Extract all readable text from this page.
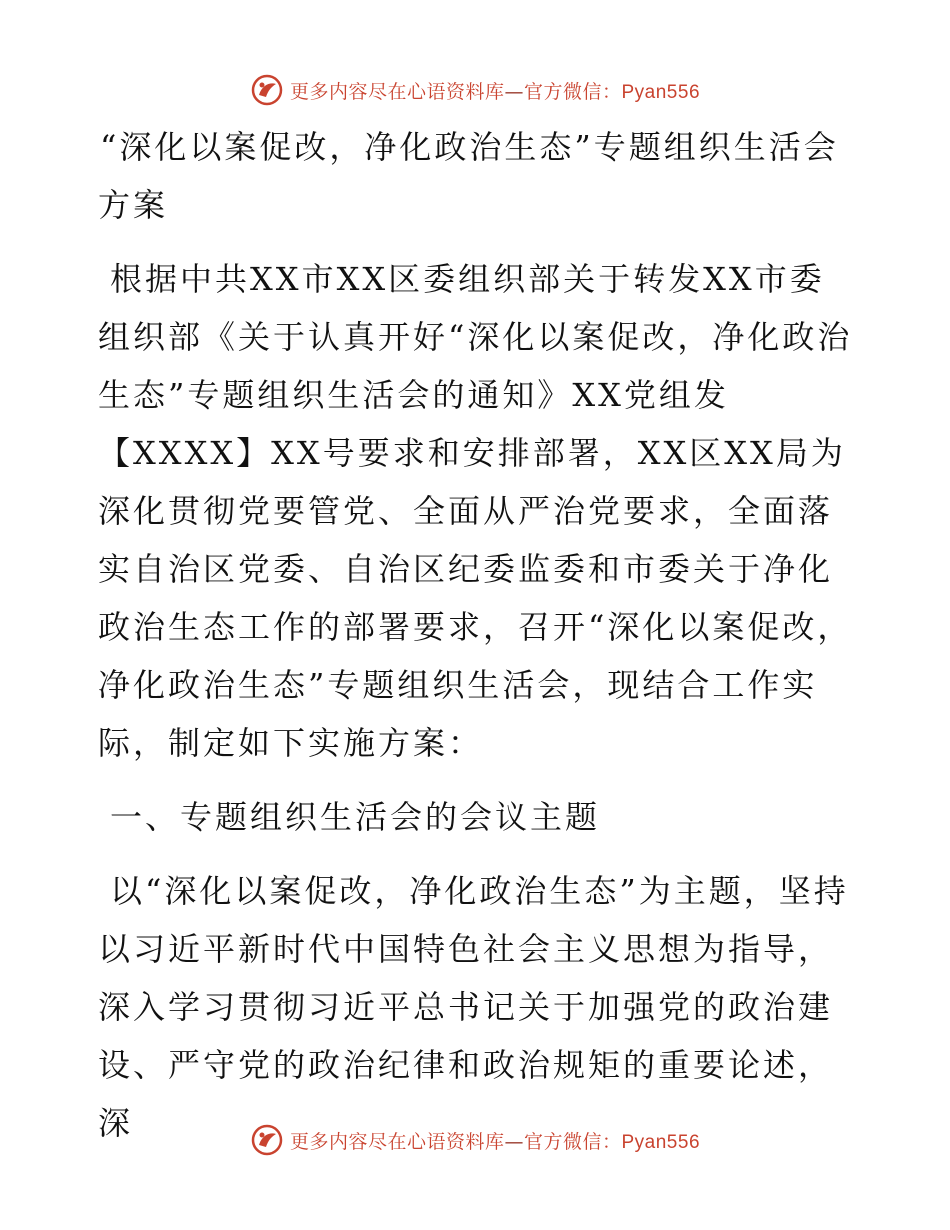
更多内容尽在心语资料库—官方微信：Pyan556

“深化以案促改，净化政治生态”专题组织生活会方案

根据中共XX市XX区委组织部关于转发XX市委组织部《关于认真开好“深化以案促改，净化政治生态”专题组织生活会的通知》XX党组发【XXXX】XX号要求和安排部署，XX区XX局为深化贯彻党要管党、全面从严治党要求，全面落实自治区党委、自治区纪委监委和市委关于净化政治生态工作的部署要求，召开“深化以案促改，净化政治生态”专题组织生活会，现结合工作实际，制定如下实施方案：

一、专题组织生活会的会议主题

以“深化以案促改，净化政治生态”为主题，坚持以习近平新时代中国特色社会主义思想为指导，深入学习贯彻习近平总书记关于加强党的政治建设、严守党的政治纪律和政治规矩的重要论述，深	更多内容尽在心语资料库—官方微信：Pyan556
